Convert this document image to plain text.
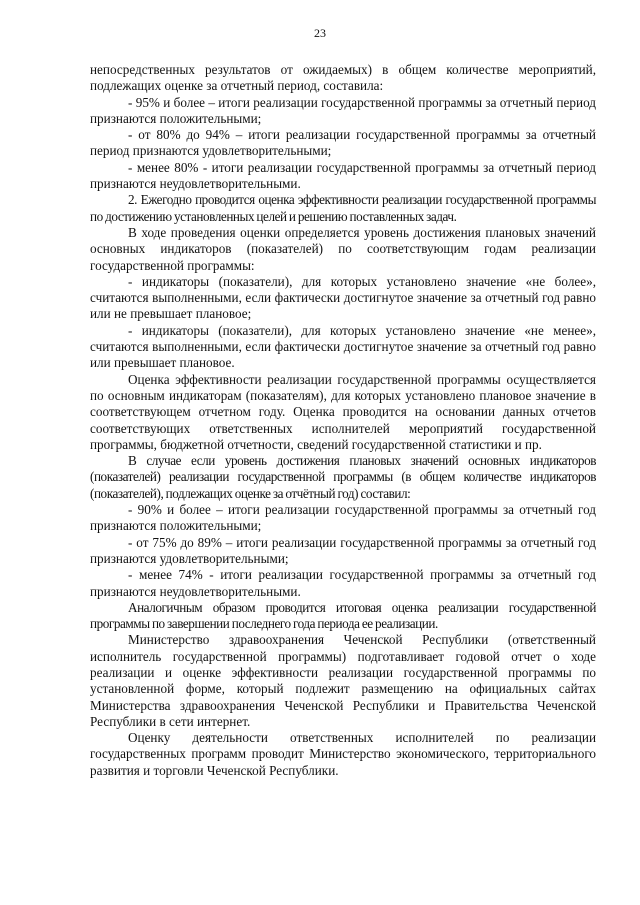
23

непосредственных результатов от ожидаемых) в общем количестве мероприятий, подлежащих оценке за отчетный период, составила:

- 95% и более – итоги реализации государственной программы за отчетный период признаются положительными;

- от 80% до 94% – итоги реализации государственной программы за отчетный период признаются удовлетворительными;

- менее 80% - итоги реализации государственной программы за отчетный период признаются неудовлетворительными.

2. Ежегодно проводится оценка эффективности реализации государственной программы по достижению установленных целей и решению поставленных задач.

В ходе проведения оценки определяется уровень достижения плановых значений основных индикаторов (показателей) по соответствующим годам реализации государственной программы:

- индикаторы (показатели), для которых установлено значение «не более», считаются выполненными, если фактически достигнутое значение за отчетный год равно или не превышает плановое;

- индикаторы (показатели), для которых установлено значение «не менее», считаются выполненными, если фактически достигнутое значение за отчетный год равно или превышает плановое.

Оценка эффективности реализации государственной программы осуществляется по основным индикаторам (показателям), для которых установлено плановое значение в соответствующем отчетном году. Оценка проводится на основании данных отчетов соответствующих ответственных исполнителей мероприятий государственной программы, бюджетной отчетности, сведений государственной статистики и пр.

В случае если уровень достижения плановых значений основных индикаторов (показателей) реализации государственной программы (в общем количестве индикаторов (показателей), подлежащих оценке за отчётный год) составил:

- 90% и более – итоги реализации государственной программы за отчетный год признаются положительными;

- от 75% до 89% – итоги реализации государственной программы за отчетный год признаются удовлетворительными;

- менее 74% - итоги реализации государственной программы за отчетный год признаются неудовлетворительными.

Аналогичным образом проводится итоговая оценка реализации государственной программы по завершении последнего года периода ее реализации.

Министерство здравоохранения Чеченской Республики (ответственный исполнитель государственной программы) подготавливает годовой отчет о ходе реализации и оценке эффективности реализации государственной программы по установленной форме, который подлежит размещению на официальных сайтах Министерства здравоохранения Чеченской Республики и Правительства Чеченской Республики в сети интернет.

Оценку деятельности ответственных исполнителей по реализации государственных программ проводит Министерство экономического, территориального развития и торговли Чеченской Республики.
